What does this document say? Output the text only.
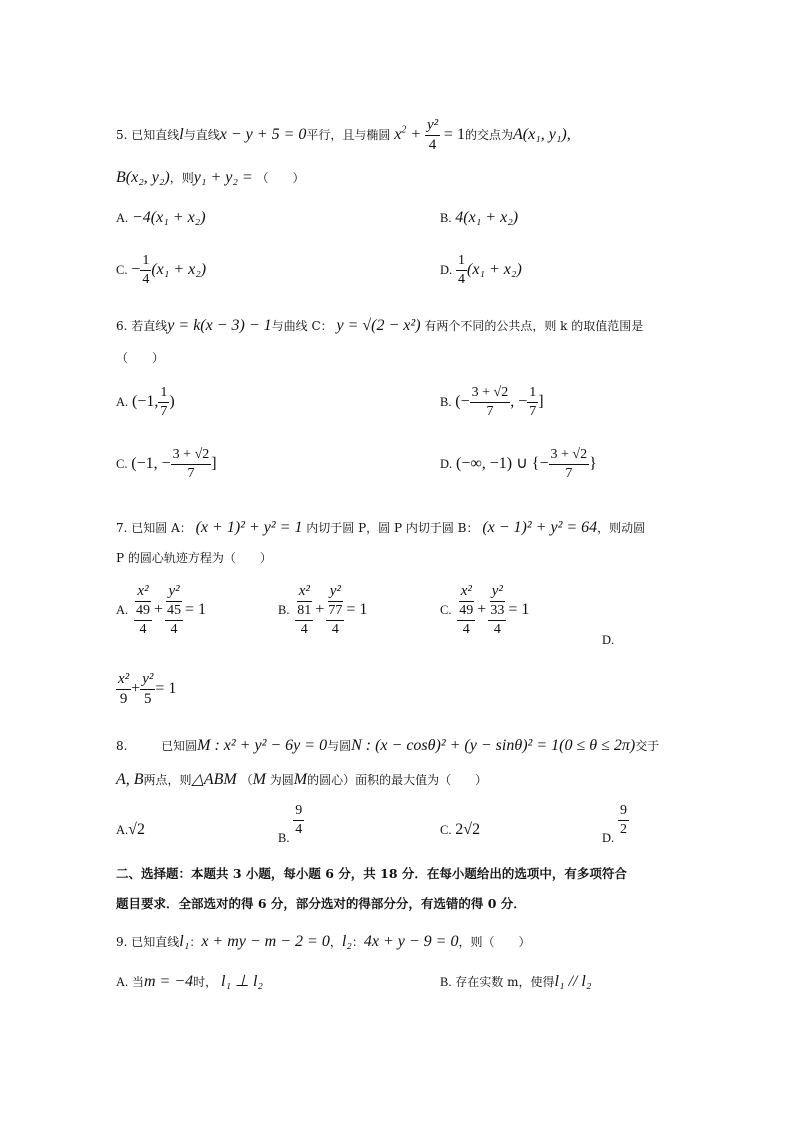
5. 已知直线l与直线x − y + 5 = 0平行，且与椭圆 $x^2 + \frac{\text{y²}}{4} = 1$的交点为A(x₁, y₁),
B(x₂, y₂)，则y₁ + y₂ = （　　）
A. −4(x₁ + x₂)	B. 4(x₁ + x₂)
C. − $\frac{1}{4} (x_1 + x_2)$	D. $\frac{1}{4} (x_1 + x_2)$
6. 若直线y = k(x − 3) − 1与曲线 C： y = √(2 − x²) 有两个不同的公共点，则 k 的取值范围是
（　　）
A. (−1, $\frac{1}{7}$ )	B. (− $\frac{3 + √2}{7}$ , − $\frac{1}{7}$ ]
C. (−1, − $\frac{3 + √2}{7}$ ]	D. (−∞, −1) ∪ {− $\frac{3 + √2}{7}$ }
7. 已知圆 A： (x + 1)² + y² = 1 内切于圆 P，圆 P 内切于圆 B： (x − 1)² + y² = 64，则动圆
P 的圆心轨迹方程为（　　）
A. $\frac{\text{x²}}{\frac{49}{4}} + \frac{\text{y²}}{\frac{45}{4}} = 1$	B. $\frac{\text{x²}}{\frac{81}{4}} + \frac{\text{y²}}{\frac{77}{4}} = 1$	C. $\frac{\text{x²}}{\frac{49}{4}} + \frac{\text{y²}}{\frac{33}{4}} = 1$
D.
$\frac{\text{x²}}{9} + \frac{\text{y²}}{5} = 1$
8.	已知圆M : x² + y² − 6y = 0与圆N : (x − cosθ)² + (y − sinθ)² = 1(0 ≤ θ ≤ 2π)交于
A, B两点，则△ABM （M 为圆M的圆心）面积的最大值为（　　）
A.√2	B.
$\frac{9}{4}$	C. 2√2	D.
$\frac{9}{2}$
二、选择题：本题共 3 小题，每小题 6 分，共 18 分．在每小题给出的选项中，有多项符合
题目要求．全部选对的得 6 分，部分选对的得部分分，有选错的得 0 分．
9. 已知直线l₁：x + my − m − 2 = 0，l₂：4x + y − 9 = 0，则（　　）
A. 当m = −4时， l₁ ⊥ l₂	B. 存在实数 m，使得l₁ // l₂
